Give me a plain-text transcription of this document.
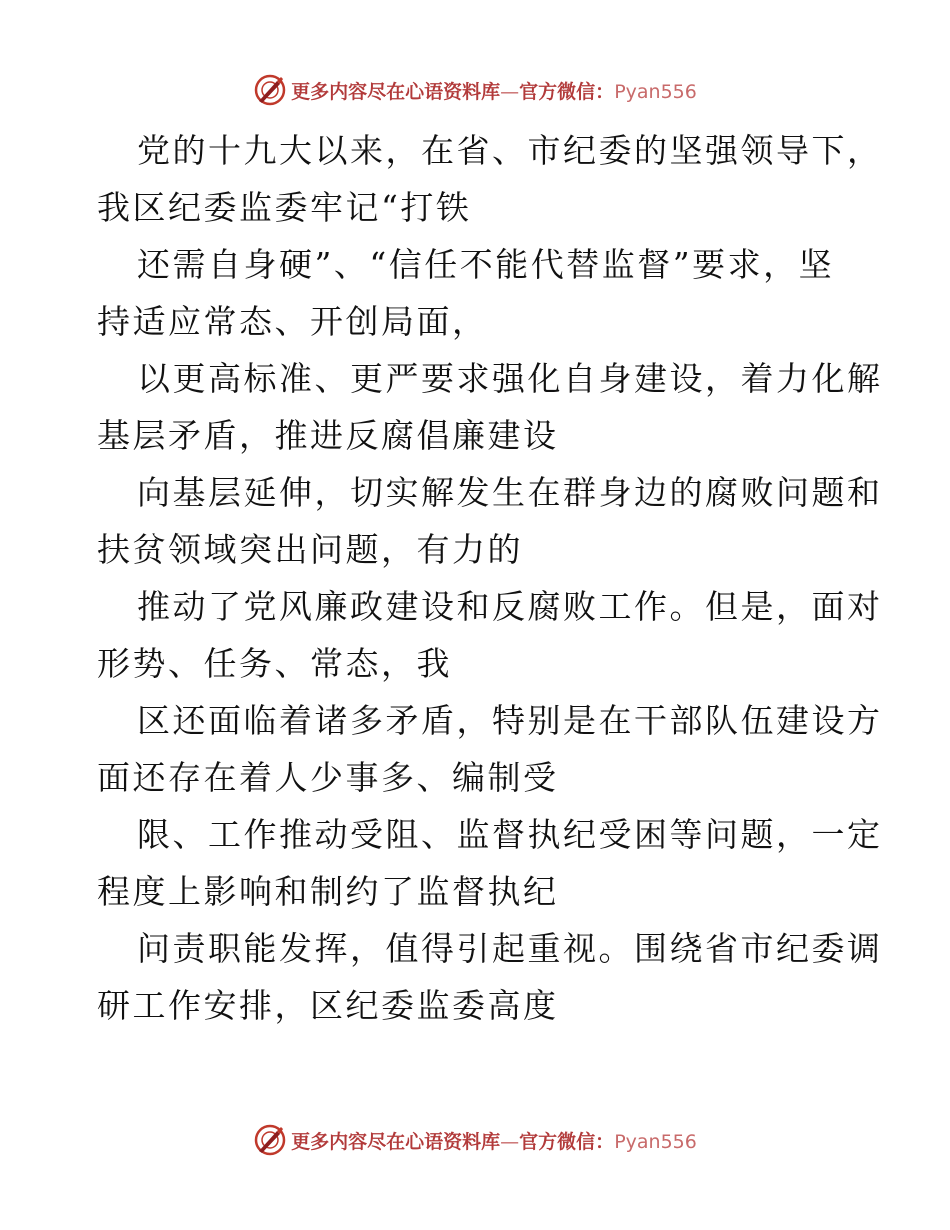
更多内容尽在心语资料库—官方微信：Pyan556
党的十九大以来，在省、市纪委的坚强领导下，
我区纪委监委牢记“打铁
还需自身硬”、“信任不能代替监督”要求，坚
持适应常态、开创局面，
以更高标准、更严要求强化自身建设，着力化解
基层矛盾，推进反腐倡廉建设
向基层延伸，切实解发生在群身边的腐败问题和
扶贫领域突出问题，有力的
推动了党风廉政建设和反腐败工作。但是，面对
形势、任务、常态，我
区还面临着诸多矛盾，特别是在干部队伍建设方
面还存在着人少事多、编制受
限、工作推动受阻、监督执纪受困等问题，一定
程度上影响和制约了监督执纪
问责职能发挥，值得引起重视。围绕省市纪委调
研工作安排，区纪委监委高度
更多内容尽在心语资料库—官方微信：Pyan556
